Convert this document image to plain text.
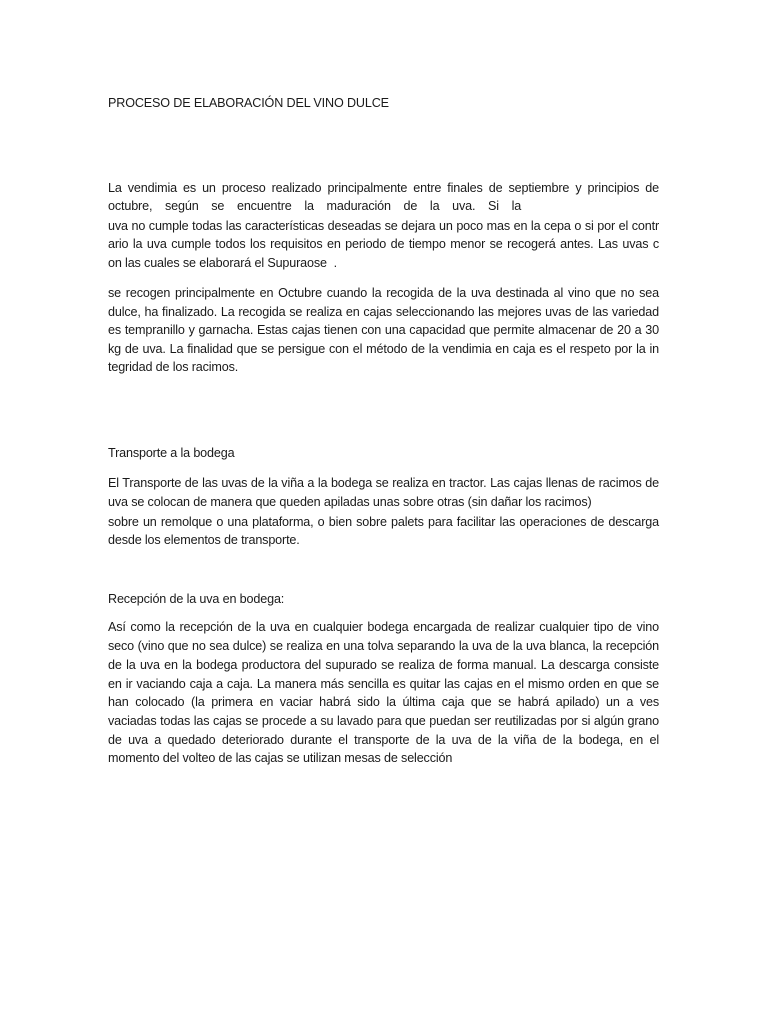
PROCESO DE ELABORACIÓN DEL VINO DULCE
La vendimia es un proceso realizado principalmente entre finales de septiembre y principios de
octubre,  según  se  encuentre  la  maduración  de  la  uva.  Si  la
uva no cumple todas las características deseadas se dejara un poco mas en la cepa o si por el contr
ario la uva cumple todos los requisitos en periodo de tiempo menor se recogerá antes. Las uvas c
on las cuales se elaborará el Supuraose  .
se recogen principalmente en Octubre cuando la recogida de la uva destinada al vino que no sea
dulce, ha finalizado. La recogida se realiza en cajas seleccionando las mejores uvas de las variedad
es tempranillo y garnacha. Estas cajas tienen con una capacidad que permite almacenar de 20 a 30
kg de uva. La finalidad que se persigue con el método de la vendimia en caja es el respeto por la in
tegridad de los racimos.
Transporte a la bodega
El Transporte de las uvas de la viña a la bodega se realiza en tractor. Las cajas llenas de racimos de
uva se colocan de manera que queden apiladas unas sobre otras (sin dañar los racimos)
sobre un remolque o una plataforma, o bien sobre palets para facilitar las operaciones de descarga
desde los elementos de transporte.
Recepción de la uva en bodega:
Así como la recepción de la uva en cualquier bodega encargada de realizar cualquier tipo de vino
seco (vino que no sea dulce) se realiza en una tolva separando la uva de la uva blanca, la recepción
de la uva en la bodega productora del supurado se realiza de forma manual. La descarga consiste
en ir vaciando caja a caja. La manera más sencilla es quitar las cajas en el mismo orden en que se
han colocado (la primera en vaciar habrá sido la última caja que se habrá apilado) un a ves
vaciadas todas las cajas se procede a su lavado para que puedan ser reutilizadas por si algún grano
de uva a quedado deteriorado durante el transporte de la uva de la viña de la bodega, en el
momento del volteo de las cajas se utilizan mesas de selección
